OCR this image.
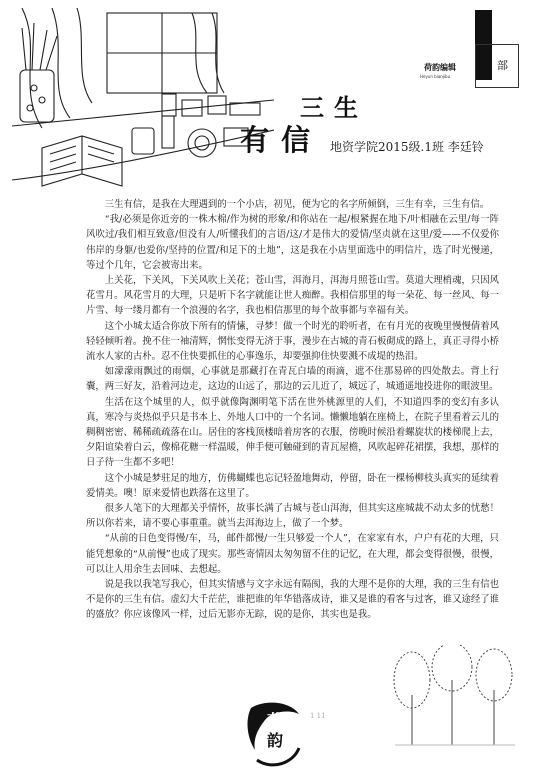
部
荷韵编辑
Heyun bianjibu
三生
有信 地资学院2015级.1班 李廷铃

三生有信，是我在大理遇到的一个小店，初见，便为它的名字所倾倒，三生有幸，三生有信。

“我/必须是你近旁的一株木棉/作为树的形象/和你站在一起/根紧握在地下/叶相融在云里/每一阵风吹过/我们相互致意/但没有人/听懂我们的言语/这/才是伟大的爱情/坚贞就在这里/爱——不仅爱你伟岸的身躯/也爱你/坚持的位置/和足下的土地”，这是我在小店里面选中的明信片，选了时光慢递，等过个几年，它会被寄出来。

上关花，下关风，下关风吹上关花；苍山雪，洱海月，洱海月照苍山雪。莫道大理梢魂，只因风花雪月。风花雪月的大理，只是听下名字就能让世人痴醉。我相信那里的每一朵花、每一丝风、每一片雪、每一缕月都有一个浪漫的名字，我也相信那里的每个故事都与幸福有关。

这个小城太适合你放下所有的情愫，寻梦！做一个时光的聆听者，在有月光的夜晚里慢慢倩着风轻轻倾听着。挽不住一袖清辉，惘怅变得无济于事，漫步在古城的青石板砌成的路上，真正寻得小桥流水人家的古朴。忍不住快要抓住的心事逸乐，却要强抑住快要溅不成堤的热泪。

如濛濛雨飘过的雨烟，心事就是那藏打在青瓦白墙的雨滴，遮不住那易碎的四处散去。背上行囊，两三好友，沿着河边走，这边的山远了，那边的云儿近了，城远了，城通遥地投进你的眼波里。

生活在这个城里的人，似乎就像陶渊明笔下活在世外桃源里的人们，不知道四季的变幻有多认真，寒冷与炎热似乎只是书本上、外地人口中的一个名词。懒懒地躺在座椅上，在院子里看着云儿的稠稠密密、稀稀疏疏落在山。居住的客栈顶楼暗着房客的衣服，傍晚时候沿着螺旋状的楼梯爬上去，夕阳谊染着白云，像棉花糖一样温暖，伸手便可触碰到的青瓦屋檐，风吹起碎花裙摆，我想，那样的日子待一生都不多吧！

这个小城是梦驻足的地方，仿佛蝴蝶也忘记轻盈地舞动，停留，卧在一棵杨柳枝头真实的延续着爱情美。噢！原来爱情也跌落在这里了。

很多人笔下的大理都关乎情怀，故事长满了古城与苍山洱海，但其实这座城裁不动太多的忧愁！所以你若来，请不要心事重重。就当去洱海边上，做了一个梦。

“从前的日色变得慢/车，马，邮件都慢/一生只够爱一个人”，在家家有水，户户有花的大理，只能凭想象的“从前慢”也成了现实。那些寄情因太匆匆留不住的记忆，在大理，都会变得很慢，很慢，可以让人用余生去回味、去想起。

说是我以我笔写我心，但其实情感与文字永远有隔阂，我的大理不是你的大理，我的三生有信也不是你的三生有信。虚幻大千茫茫，谁把谁的年华错落成诗，谁又是谁的看客与过客，谁又途经了谁的盛放？你应该像风一样，过后无影亦无踪，说的是你，其实也是我。

荷
韵
1 11
